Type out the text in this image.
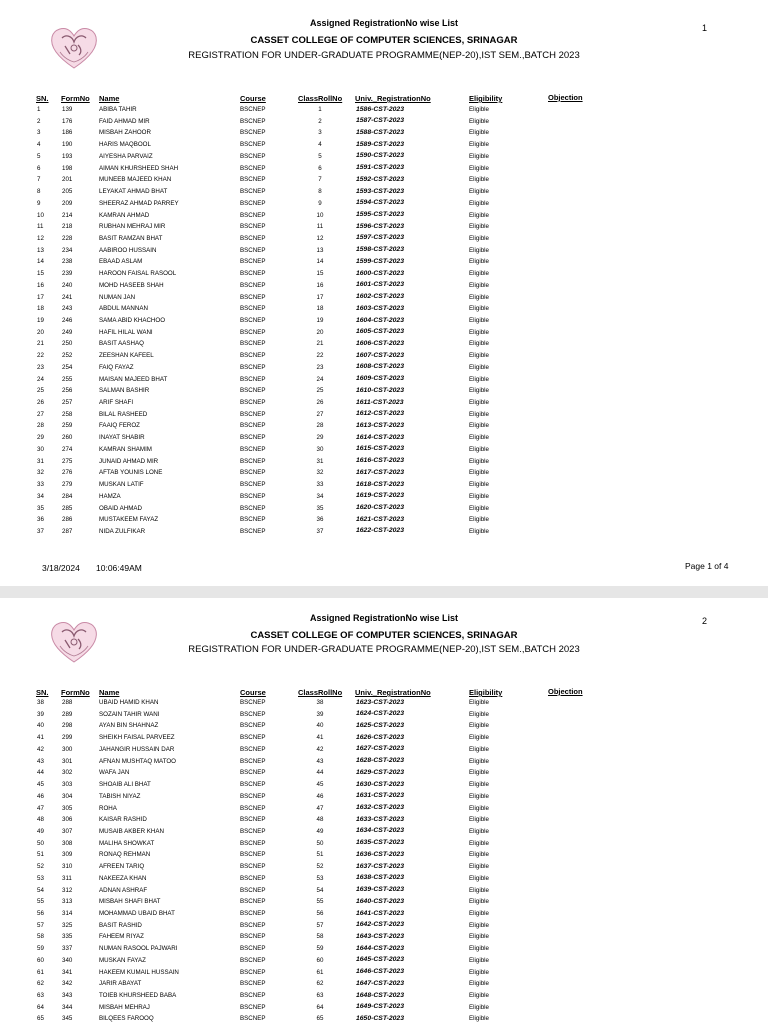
Assigned RegistrationNo wise List	1
CASSET COLLEGE OF COMPUTER SCIENCES, SRINAGAR
REGISTRATION FOR UNDER-GRADUATE PROGRAMME(NEP-20),IST SEM.,BATCH 2023
SN. FormNo Name	Course	ClassRollNo Univ._RegistrationNo	Eligibility	Objection
1	139	ABIBA TAHIR	BSCNEP	1	1586-CST-2023	Eligible
2	176	FAID AHMAD MIR	BSCNEP	2	1587-CST-2023	Eligible
3	186	MISBAH ZAHOOR	BSCNEP	3	1588-CST-2023	Eligible
4	190	HARIS MAQBOOL	BSCNEP	4	1589-CST-2023	Eligible
5	193	AIYESHA PARVAIZ	BSCNEP	5	1590-CST-2023	Eligible
6	198	AIMAN KHURSHEED SHAH	BSCNEP	6	1591-CST-2023	Eligible
7	201	MUNEEB MAJEED KHAN	BSCNEP	7	1592-CST-2023	Eligible
8	205	LEYAKAT AHMAD BHAT	BSCNEP	8	1593-CST-2023	Eligible
9	209	SHEERAZ AHMAD PARREY	BSCNEP	9	1594-CST-2023	Eligible
10	214	KAMRAN AHMAD	BSCNEP	10	1595-CST-2023	Eligible
11	218	RUBHAN MEHRAJ MIR	BSCNEP	11	1596-CST-2023	Eligible
12	228	BASIT RAMZAN BHAT	BSCNEP	12	1597-CST-2023	Eligible
13	234	AABIROO HUSSAIN	BSCNEP	13	1598-CST-2023	Eligible
14	238	EBAAD ASLAM	BSCNEP	14	1599-CST-2023	Eligible
15	239	HAROON FAISAL RASOOL	BSCNEP	15	1600-CST-2023	Eligible
16	240	MOHD HASEEB SHAH	BSCNEP	16	1601-CST-2023	Eligible
17	241	NUMAN JAN	BSCNEP	17	1602-CST-2023	Eligible
18	243	ABDUL MANNAN	BSCNEP	18	1603-CST-2023	Eligible
19	246	SAMA ABID KHACHOO	BSCNEP	19	1604-CST-2023	Eligible
20	249	HAFIL HILAL WANI	BSCNEP	20	1605-CST-2023	Eligible
21	250	BASIT AASHAQ	BSCNEP	21	1606-CST-2023	Eligible
22	252	ZEESHAN KAFEEL	BSCNEP	22	1607-CST-2023	Eligible
23	254	FAIQ FAYAZ	BSCNEP	23	1608-CST-2023	Eligible
24	255	MAISAN MAJEED BHAT	BSCNEP	24	1609-CST-2023	Eligible
25	256	SALMAN BASHIR	BSCNEP	25	1610-CST-2023	Eligible
26	257	ARIF SHAFI	BSCNEP	26	1611-CST-2023	Eligible
27	258	BILAL RASHEED	BSCNEP	27	1612-CST-2023	Eligible
28	259	FAAIQ FEROZ	BSCNEP	28	1613-CST-2023	Eligible
29	260	INAYAT SHABIR	BSCNEP	29	1614-CST-2023	Eligible
30	274	KAMRAN SHAMIM	BSCNEP	30	1615-CST-2023	Eligible
31	275	JUNAID AHMAD MIR	BSCNEP	31	1616-CST-2023	Eligible
32	276	AFTAB YOUNIS LONE	BSCNEP	32	1617-CST-2023	Eligible
33	279	MUSKAN LATIF	BSCNEP	33	1618-CST-2023	Eligible
34	284	HAMZA	BSCNEP	34	1619-CST-2023	Eligible
35	285	OBAID AHMAD	BSCNEP	35	1620-CST-2023	Eligible
36	286	MUSTAKEEM FAYAZ	BSCNEP	36	1621-CST-2023	Eligible
37	287	NIDA ZULFIKAR	BSCNEP	37	1622-CST-2023	Eligible
3/18/2024 10:06:49AM	Page 1 of 4
Assigned RegistrationNo wise List	2
CASSET COLLEGE OF COMPUTER SCIENCES, SRINAGAR
REGISTRATION FOR UNDER-GRADUATE PROGRAMME(NEP-20),IST SEM.,BATCH 2023
SN. FormNo Name	Course	ClassRollNo Univ._RegistrationNo	Eligibility	Objection
38	288	UBAID HAMID KHAN	BSCNEP	38	1623-CST-2023	Eligible
39	289	SOZAIN TAHIR WANI	BSCNEP	39	1624-CST-2023	Eligible
40	298	AYAN BIN SHAHNAZ	BSCNEP	40	1625-CST-2023	Eligible
41	299	SHEIKH FAISAL PARVEEZ	BSCNEP	41	1626-CST-2023	Eligible
42	300	JAHANGIR HUSSAIN DAR	BSCNEP	42	1627-CST-2023	Eligible
43	301	AFNAN MUSHTAQ MATOO	BSCNEP	43	1628-CST-2023	Eligible
44	302	WAFA JAN	BSCNEP	44	1629-CST-2023	Eligible
45	303	SHOAIB ALI BHAT	BSCNEP	45	1630-CST-2023	Eligible
46	304	TABISH NIYAZ	BSCNEP	46	1631-CST-2023	Eligible
47	305	ROHA	BSCNEP	47	1632-CST-2023	Eligible
48	306	KAISAR RASHID	BSCNEP	48	1633-CST-2023	Eligible
49	307	MUSAIB AKBER KHAN	BSCNEP	49	1634-CST-2023	Eligible
50	308	MALIHA SHOWKAT	BSCNEP	50	1635-CST-2023	Eligible
51	309	RONAQ REHMAN	BSCNEP	51	1636-CST-2023	Eligible
52	310	AFREEN TARIQ	BSCNEP	52	1637-CST-2023	Eligible
53	311	NAKEEZA KHAN	BSCNEP	53	1638-CST-2023	Eligible
54	312	ADNAN ASHRAF	BSCNEP	54	1639-CST-2023	Eligible
55	313	MISBAH SHAFI BHAT	BSCNEP	55	1640-CST-2023	Eligible
56	314	MOHAMMAD UBAID BHAT	BSCNEP	56	1641-CST-2023	Eligible
57	325	BASIT RASHID	BSCNEP	57	1642-CST-2023	Eligible
58	335	FAHEEM RIYAZ	BSCNEP	58	1643-CST-2023	Eligible
59	337	NUMAN RASOOL PAJWARI	BSCNEP	59	1644-CST-2023	Eligible
60	340	MUSKAN FAYAZ	BSCNEP	60	1645-CST-2023	Eligible
61	341	HAKEEM KUMAIL HUSSAIN	BSCNEP	61	1646-CST-2023	Eligible
62	342	JARIR ABAYAT	BSCNEP	62	1647-CST-2023	Eligible
63	343	TOIEB KHURSHEED BABA	BSCNEP	63	1648-CST-2023	Eligible
64	344	MISBAH MEHRAJ	BSCNEP	64	1649-CST-2023	Eligible
65	345	BILQEES FAROOQ	BSCNEP	65	1650-CST-2023	Eligible
